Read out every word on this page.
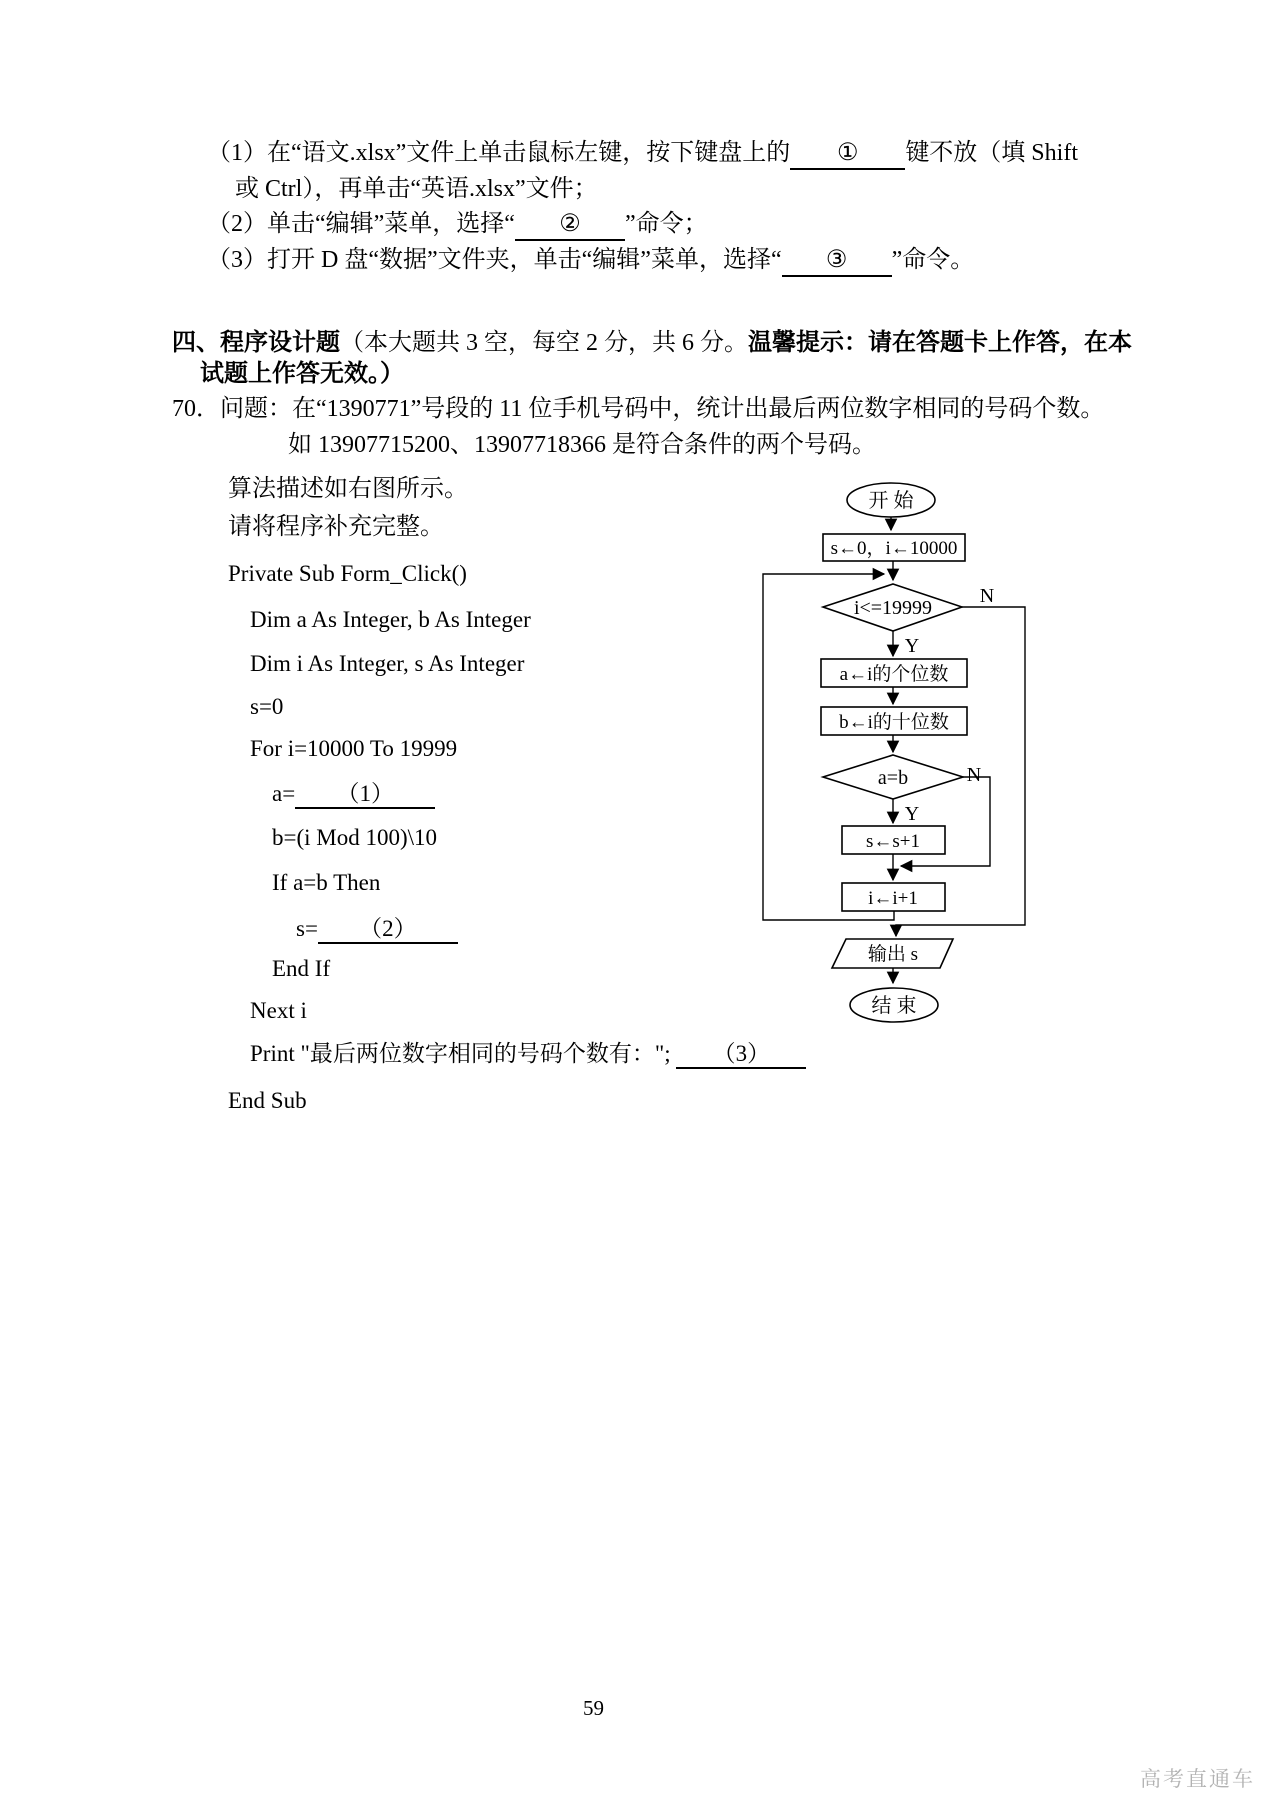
（1）在“语文.xlsx”文件上单击鼠标左键，按下键盘上的 ① 键不放（填 Shift
或 Ctrl），再单击“英语.xlsx”文件；
（2）单击“编辑”菜单，选择“ ② ”命令；
（3）打开 D 盘“数据”文件夹，单击“编辑”菜单，选择“ ③ ”命令。
四、程序设计题（本大题共 3 空，每空 2 分，共 6 分。温馨提示：请在答题卡上作答，在本
试题上作答无效。）
70．问题：在“1390771”号段的 11 位手机号码中，统计出最后两位数字相同的号码个数。
如 13907715200、13907718366 是符合条件的两个号码。
算法描述如右图所示。
请将程序补充完整。
Private Sub Form_Click()
Dim a As Integer, b As Integer
Dim i As Integer, s As Integer
s=0
For i=10000 To 19999
a= （1）
b=(i Mod 100)\10
If a=b Then
s= （2）
End If
Next i
Print "最后两位数字相同的号码个数有："; （3）
End Sub
开 始
s←0，i←10000
i<=19999
N
Y
a←i的个位数
b←i的十位数
a=b	N
Y
s←s+1
i←i+1
输出 s
结 束
59
高考直通车
